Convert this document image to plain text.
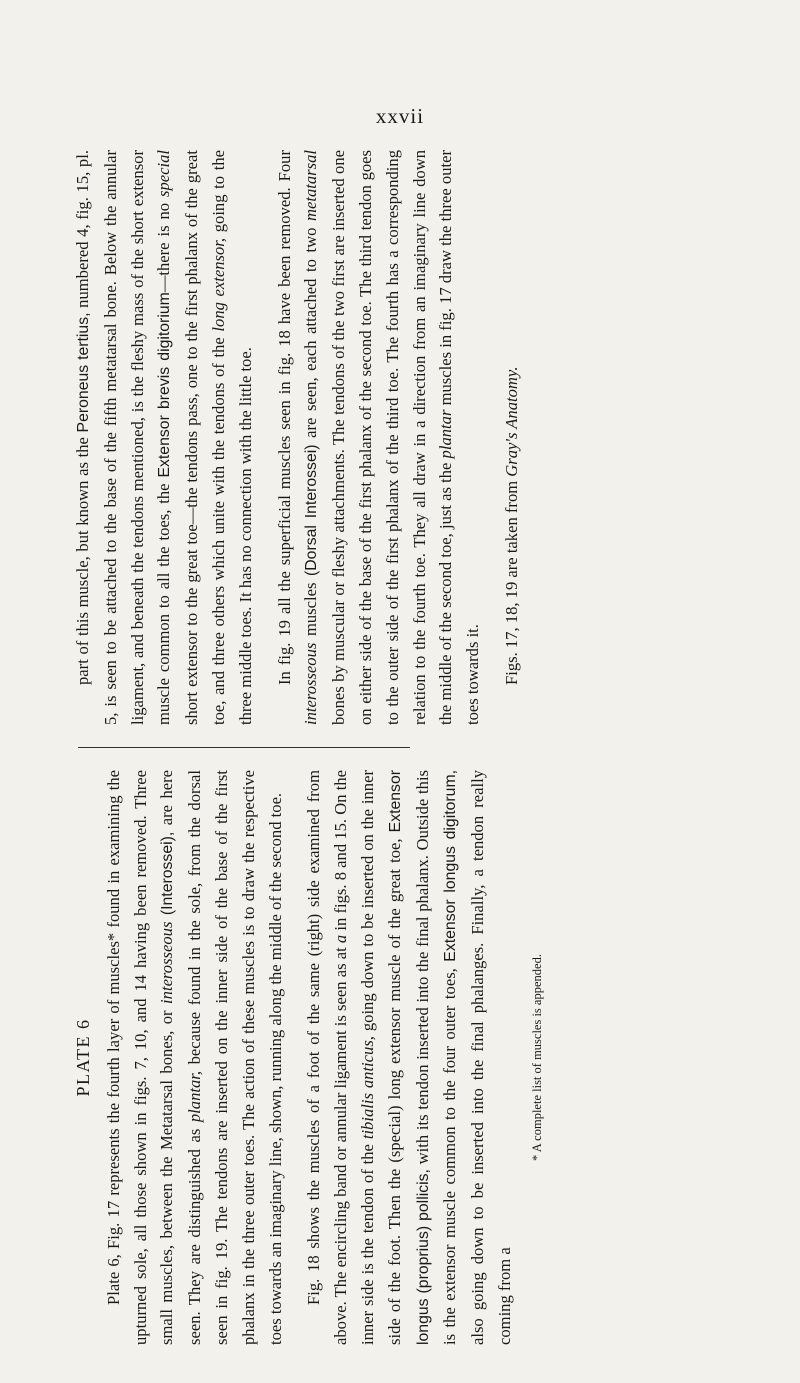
xxvii
PLATE 6 Plate 6, Fig. 17 represents the fourth layer of muscles* found in examining the upturned sole, all those shown in figs. 7, 10, and 14 having been removed. Three small muscles, between the Metatarsal bones, or interosseous (Interossei), are here seen. They are distinguished as plantar, because found in the sole, from the dorsal seen in fig. 19. The tendons are inserted on the inner side of the base of the first phalanx in the three outer toes. The action of these muscles is to draw the respective toes towards an imaginary line, shown, running along the middle of the second toe. Fig. 18 shows the muscles of a foot of the same (right) side examined from above. The encircling band or annular ligament is seen as at a in figs. 8 and 15. On the inner side is the tendon of the tibialis anticus, going down to be inserted on the inner side of the foot. Then the (special) long extensor muscle of the great toe, Extensor longus (proprius) pollicis, with its tendon inserted into the final phalanx. Outside this is the extensor muscle common to the four outer toes, Extensor longus digitorum, also going down to be inserted into the final phalanges. Finally, a tendon really coming from a

* A complete list of muscles is appended.

part of this muscle, but known as the Peroneus tertius, numbered 4, fig. 15, pl. 5, is seen to be attached to the base of the fifth metatarsal bone. Below the annular ligament, and beneath the tendons mentioned, is the fleshy mass of the short extensor muscle common to all the toes, the Extensor brevis digitorium—there is no special short extensor to the great toe—the tendons pass, one to the first phalanx of the great toe, and three others which unite with the tendons of the long extensor, going to the three middle toes. It has no connection with the little toe. In fig. 19 all the superficial muscles seen in fig. 18 have been removed. Four interosseous muscles (Dorsal Interossei) are seen, each attached to two metatarsal bones by muscular or fleshy attachments. The tendons of the two first are inserted one on either side of the base of the first phalanx of the second toe. The third tendon goes to the outer side of the first phalanx of the third toe. The fourth has a corresponding relation to the fourth toe. They all draw in a direction from an imaginary line down the middle of the second toe, just as the plantar muscles in fig. 17 draw the three outer toes towards it. Figs. 17, 18, 19 are taken from Gray's Anatomy.
